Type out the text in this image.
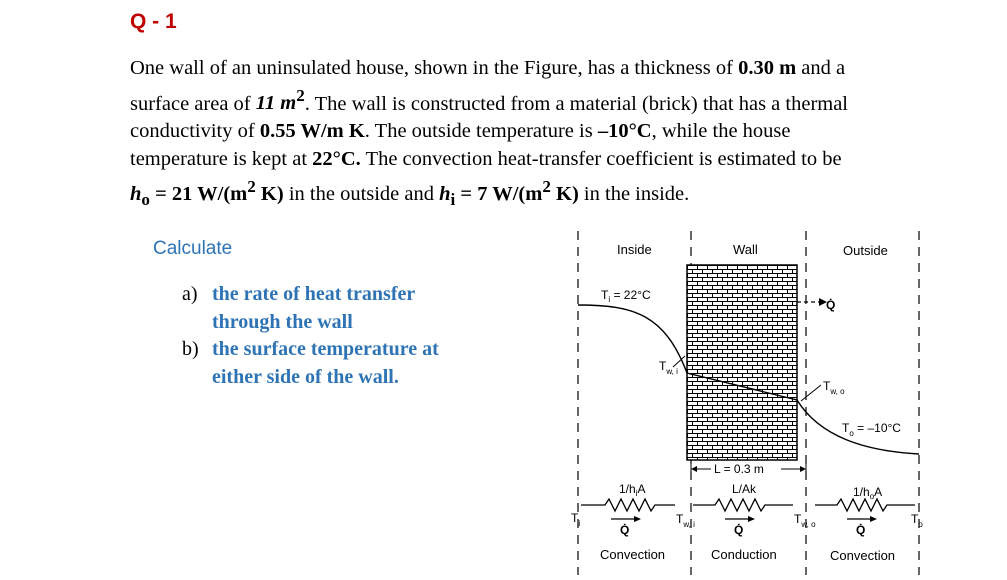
Q - 1
One wall of an uninsulated house, shown in the Figure, has a thickness of 0.30 m and a
surface area of 11 $m^2$. The wall is constructed from a material (brick) that has a thermal
conductivity of 0.55 W/m K. The outside temperature is –10°C, while the house
temperature is kept at 22°C. The convection heat-transfer coefficient is estimated to be
$h_o = 21$ $W/(m^2$ K) in the outside and $h_i = 7$ $W/(m^2$ K) in the inside.
Calculate
a) the rate of heat transfer
through the wall
b) the surface temperature at
either side of the wall.
Inside	Wall	Outside
Q̇
$T_i = 22^\circ C$
$T_{w, i}$
$T_{w, o}$
$T_o = -10^\circ C$
L = 0.3 m
$1/h_iA$	L/Ak	$1/h_oA$
$T_i$	$T_{w, i}$	$T_{w, o}$	$T_o$
Q̇	Q̇	Q̇
Convection	Conduction	Convection
